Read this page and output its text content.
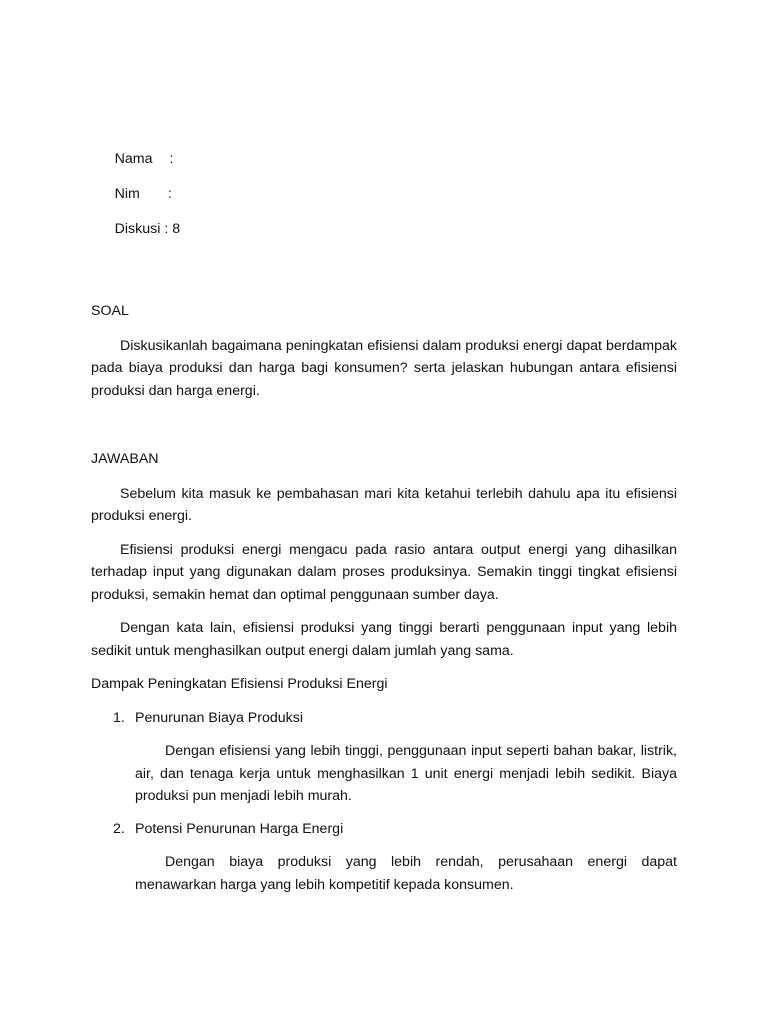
Nama :

Nim :

Diskusi : 8

SOAL

Diskusikanlah bagaimana peningkatan efisiensi dalam produksi energi dapat berdampak pada biaya produksi dan harga bagi konsumen? serta jelaskan hubungan antara efisiensi produksi dan harga energi.

JAWABAN

Sebelum kita masuk ke pembahasan mari kita ketahui terlebih dahulu apa itu efisiensi produksi energi.

Efisiensi produksi energi mengacu pada rasio antara output energi yang dihasilkan terhadap input yang digunakan dalam proses produksinya. Semakin tinggi tingkat efisiensi produksi, semakin hemat dan optimal penggunaan sumber daya.

Dengan kata lain, efisiensi produksi yang tinggi berarti penggunaan input yang lebih sedikit untuk menghasilkan output energi dalam jumlah yang sama.

Dampak Peningkatan Efisiensi Produksi Energi
1. Penurunan Biaya Produksi

Dengan efisiensi yang lebih tinggi, penggunaan input seperti bahan bakar, listrik, air, dan tenaga kerja untuk menghasilkan 1 unit energi menjadi lebih sedikit. Biaya produksi pun menjadi lebih murah.

2. Potensi Penurunan Harga Energi

Dengan biaya produksi yang lebih rendah, perusahaan energi dapat menawarkan harga yang lebih kompetitif kepada konsumen.
